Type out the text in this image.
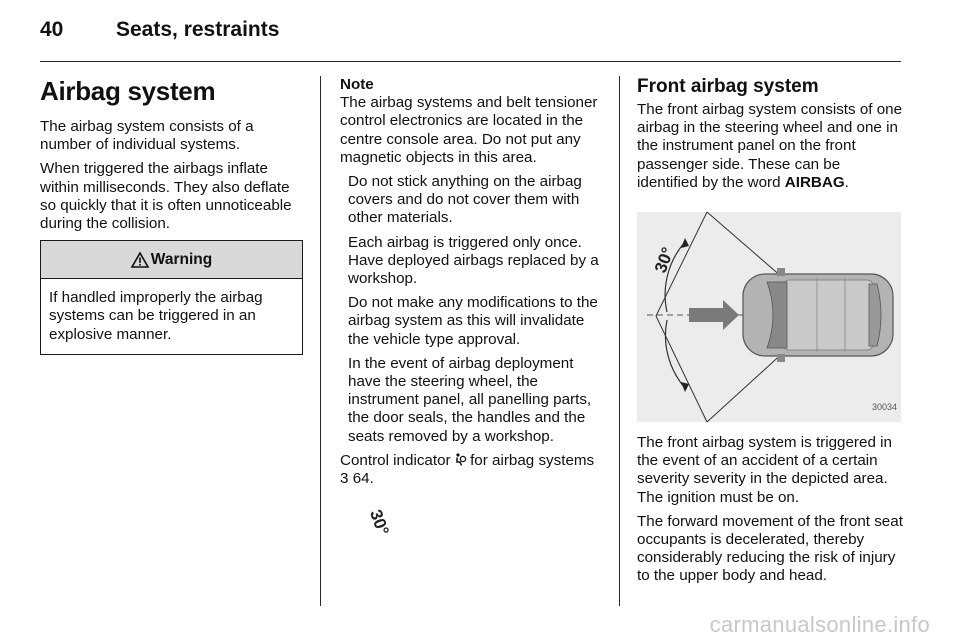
40	Seats, restraints
Airbag system

The airbag system consists of a number of individual systems.

When triggered the airbags inflate within milliseconds. They also deflate so quickly that it is often unnoticeable during the collision.

Warning
If handled improperly the airbag systems can be triggered in an explosive manner.

Note

The airbag systems and belt tensioner control electronics are located in the centre console area. Do not put any magnetic objects in this area.

Do not stick anything on the airbag covers and do not cover them with other materials.

Each airbag is triggered only once. Have deployed airbags replaced by a workshop.

Do not make any modifications to the airbag system as this will invalidate the vehicle type approval.

In the event of airbag deployment have the steering wheel, the instrument panel, all panelling parts, the door seals, the handles and the seats removed by a workshop.

Control indicator for airbag systems 3 64.

Front airbag system

The front airbag system consists of one airbag in the steering wheel and one in the instrument panel on the front passenger side. These can be identified by the word AIRBAG.

30°
30°
30034

The front airbag system is triggered in the event of an accident of a certain severity severity in the depicted area. The ignition must be on.

The forward movement of the front seat occupants is decelerated, thereby considerably reducing the risk of injury to the upper body and head.

carmanualsonline.info
